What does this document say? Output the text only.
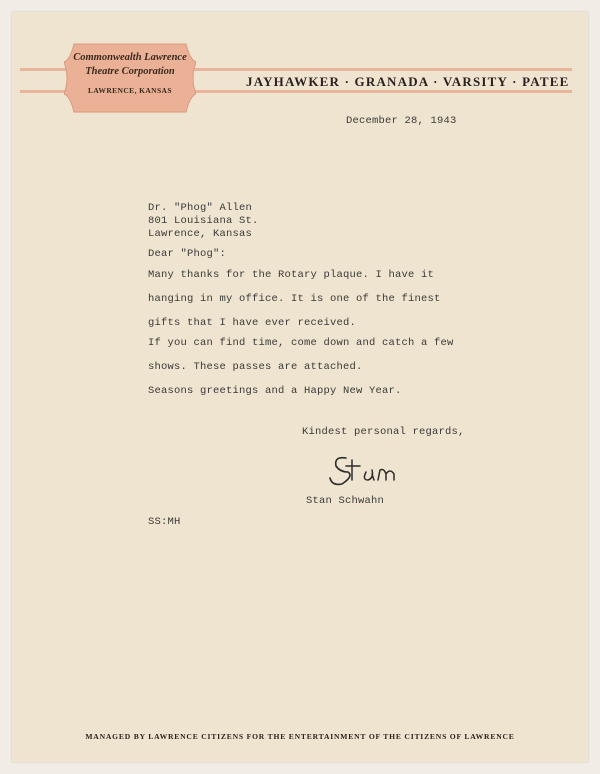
Commonwealth Lawrence
Theatre Corporation
LAWRENCE, KANSAS
JAYHAWKER · GRANADA · VARSITY · PATEE
December 28, 1943
Dr. "Phog" Allen
801 Louisiana St.
Lawrence, Kansas
Dear "Phog":
Many thanks for the Rotary plaque. I have it
hanging in my office. It is one of the finest
gifts that I have ever received.
If you can find time, come down and catch a few
shows. These passes are attached.
Seasons greetings and a Happy New Year.
Kindest personal regards,
Stan Schwahn
SS:MH
MANAGED BY LAWRENCE CITIZENS FOR THE ENTERTAINMENT OF THE CITIZENS OF LAWRENCE
